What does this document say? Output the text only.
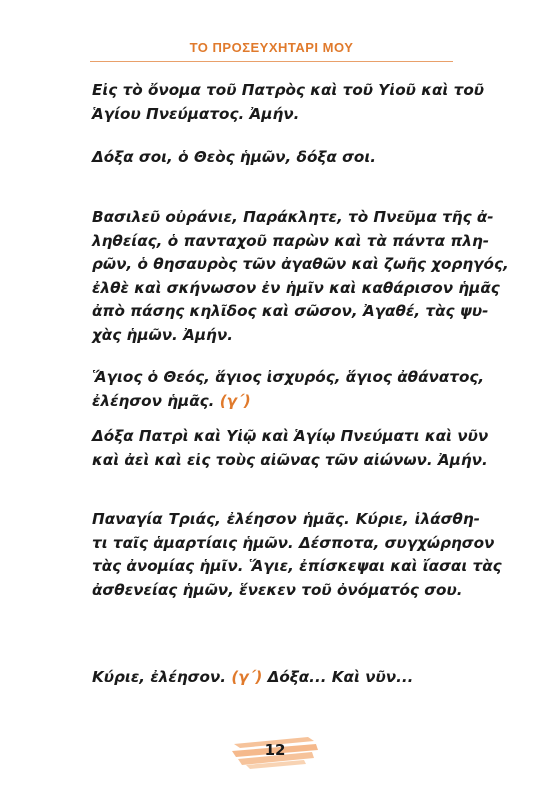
ΤΟ ΠΡΟΣΕΥΧΗΤΑΡΙ ΜΟΥ
Εἰς τὸ ὄνομα τοῦ Πατρὸς καὶ τοῦ Υἱοῦ καὶ τοῦ
Ἁγίου Πνεύματος. Ἀμήν.
Δόξα σοι, ὁ Θεὸς ἡμῶν, δόξα σοι.
Βασιλεῦ οὐράνιε, Παράκλητε, τὸ Πνεῦμα τῆς ἀ-
ληθείας, ὁ πανταχοῦ παρὼν καὶ τὰ πάντα πλη-
ρῶν, ὁ θησαυρὸς τῶν ἀγαθῶν καὶ ζωῆς χορηγός,
ἐλθὲ καὶ σκήνωσον ἐν ἡμῖν καὶ καθάρισον ἡμᾶς
ἀπὸ πάσης κηλῖδος καὶ σῶσον, Ἀγαθέ, τὰς ψυ-
χὰς ἡμῶν. Ἀμήν.
Ἅγιος ὁ Θεός, ἅγιος ἰσχυρός, ἅγιος ἀθάνατος,
ἐλέησον ἡμᾶς. (γ΄)
Δόξα Πατρὶ καὶ Υἱῷ καὶ Ἁγίῳ Πνεύματι καὶ νῦν
καὶ ἀεὶ καὶ εἰς τοὺς αἰῶνας τῶν αἰώνων. Ἀμήν.
Παναγία Τριάς, ἐλέησον ἡμᾶς. Κύριε, ἱλάσθη-
τι ταῖς ἁμαρτίαις ἡμῶν. Δέσποτα, συγχώρησον
τὰς ἀνομίας ἡμῖν. Ἅγιε, ἐπίσκεψαι καὶ ἴασαι τὰς
ἀσθενείας ἡμῶν, ἕνεκεν τοῦ ὀνόματός σου.
Κύριε, ἐλέησον. (γ΄) Δόξα... Καὶ νῦν...
12
